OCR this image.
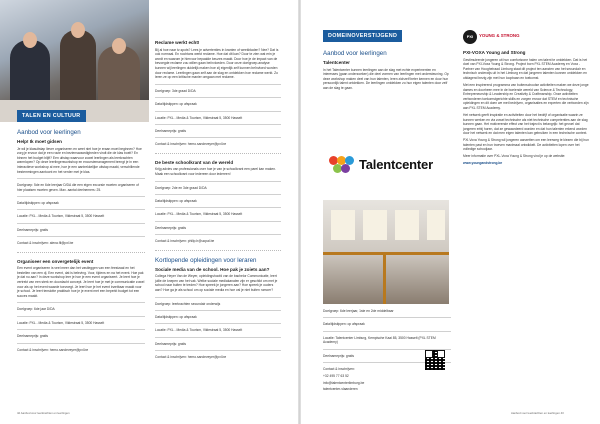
TALEN EN CULTUUR
Aanbod voor leerlingen
Help! Ik moet gidsen

Je wil je klasuitstap liever organiseren en weet niet hoe je eraan moet beginnen? Hoe zorg je ervoor dat je een route en bezienswaardigheden vindt die de klas boeit? En binnen het budget blijft? Een uitstap waarvoor zowel leerlingen als leerkrachten warmlopen? Op deze leerlingenworkshop en excursiemanagement brengt je in een interactieve workshop al mee, hoe je een aantrekkelijke uitstap maakt, verschillende bestemmingen aantoont en het verder met je klas.

Doelgroep: 5de en 6de leerjaar D/DA die een eigen excursie moeten organiseren of hier plaatsen moeten geven. Max. aantal deelnemers: 25.

Data/tijdstippen: op afspraak

Locatie: PXL - Media & Tourism, Vildestraat 5, 3500 Hasselt

Deelnameprijs: gratis

Contact & inschrijven: alena.fil@pxl.be

Organiseer een onvergetelijk event

Een event organiseren is veel meer dan het vastleggen van een feestzaal en het bestellen van een dj. Een event, dat is beleving. Voor, tijdens en na het event. Hoe pak je dat nu aan? In deze workshop leer je hoe je een event organiseert. Je leert hoe je vertrekt van een sterk en doordacht concept. Je leert hoe je met je communicatie zowel voor als op het event waarde toevoegt. Je leert hoe je het event inzetbaar maakt voor je school. Je leert tenslotte praktisch hoe je je event met een beperkt budget tot een succes maakt.

Doelgroep: 6de jaar D/DA

Locatie: PXL - Media & Tourism, Vildestraat 5, 3500 Hasselt

Deelnameprijs: gratis

Contact & inschrijven: hemo.sandeveyer@pxl.be

Reclame werkt echt!

Bij al hoe naar tv-spots? Lees je advertenties in kranten of weekbladen? Nee? Dat is ook normaal. En nochtans werkt reclame. Hoe dat dit kan? Door te zien wat erin je wordt en waarom je hiervoor bepaalde keuzes maakt. Door hoe je de impact van de bevoegde reclame zou willen gaan beïnvloeden. Door onze doelgroep-analyse kunnen wij leerlingen duidelijk maken hoe zij eigenlijk zelf kunnen beïnvloed worden door reclame. Leerlingen gaan zelf aan de slag en ontdekken hoe reclame werkt. Zo leren ze op een kritische manier omgaan met reclame.

Doelgroep: 3de graad D/DA

Data/tijdstippen: op afspraak

Locatie: PXL - Media & Tourism, Vildestraat 5, 3500 Hasselt

Deelnameprijs: gratis

Contact & inschrijven: hemo.sandeveyer@pxl.be

De beste schoolkrant van de wereld

Krijg advies van professionals over hoe je van je schoolkrant een parel kan maken. Maak een schoolkrant voor iedereen door iedereen!

Doelgroep: 2de en 3de graad D/DA

Data/tijdstippen: op afspraak

Locatie: PXL - Media & Tourism, Vildestraat 5, 3500 Hasselt

Deelnameprijs: gratis

Contact & inschrijven: philip.h@uopal.be

Kortlopende opleidingen voor leraren
Sociale media van de school. Hoe pak je zoiets aan?

Collega Heyer Van de Weyer, opleidingshoofd van de bachelor Communicatie, leert jullie de knepen van het vak. Welke sociale mediakanalen zijn er geschikt om met je school naar buiten te treden? Hoe spreek je jongeren aan? Hoe spreek je ouders aan? Hoe ga je als school om op sociale media en hoe val je niet buiten rumoer?

Doelgroep: leerkrachten secundair onderwijs

Data/tijdstippen: op afspraak

Locatie: PXL - Media & Tourism, Vildestraat 5, 3500 Hasselt

Deelnameprijs: gratis

Contact & inschrijven: hemo.sandeveyer@pxl.be

42 Aanbod voor leerkrachten en leerlingen
DOMEINOVERSTIJGEND
Aanbod voor leerlingen
Talentcenter

In het Talentcenter kunnen leerlingen aan de slag met echte experimenten en interesses (gaan onderzoeken) die deel vormen van leerlingen met ondersteuning. Op deze workshop maken deel van hun talenten, leren zichzelf beter kennen en door hun persoonlijk talent ontdekken. De leerlingen ontdekken zo hun eigen talenten door zelf aan de slag te gaan.

Talentcenter

Doelgroep: 6de leerjaar, 1ste en 2de middelbaar

Data/tijdstippen: op afspraak

Locatie: Talentcenter Limburg, Kempische Kaai 85, 3500 Hasselt (PXL STEM Academy)

Deelnameprijs: gratis

Contact & inschrijven:

+32 495 77 63 52

info@talentcenterlimburg.be

talentcenter-vlaanderen

PXI	YOUNG & STRONG
PXI-VOXA Young and Strong

Gestimuleerde jongeren uit hun comfortzone halen om talent te ontdekken. Dat is het doel van PXI-Voxa Young & Strong. Project born PXL STEM Academy en Voxa - Partner van Hoogheiraad Limburg staat dit project ten aanzien van het secundair en technisch onderwijs uit in het Limburg en dat jongeren talenten kunnen ontdekken en uitdagend bezig zijn met hun loopbaan en toekomst.

Met een inspirerend programma van buitenschoolse activiteiten maken we deze jonge dames en doorheen mee in de boeiende wereld van Science & Technology, Entrepreneurship & Leadership en Creativity & Craftmanship. Onze activiteiten verbonderen toekomstgerichte skills en zorgen ervoor dat STEM en technische opleidingen en dit doen we met bedrijven, organisaties en experten die verbonden zijn aan PXL STEM Academy.

Het netwerk geeft inspiratie en activiteiten door het bedrijf of organisatie waarin ze kunnen werken en via zowel technische als niet technische competenties aan de slag kunnen gaan. Het motiverende effect van het traject is belangrijk: het gevoel dat jongeren erbij horen, dat ze gewaardeerd worden en dat hun talenten erkend worden door het netwerk en dat men eigen talenten kan gebruiken in een technische context.

PXI-Voxa Young & Strong wil jongeren aanzetten om een leerweg te kiezen die bij hun talenten past en hun troeven maximaal ontwikkelt. De activiteiten lopen over het volledige schooljaar.

Meer informatie over PXL-Voxa Young & Strong vind je op de website:

www.youngandstrong.be

Aanbod voor leerkrachten en leerlingen 43
